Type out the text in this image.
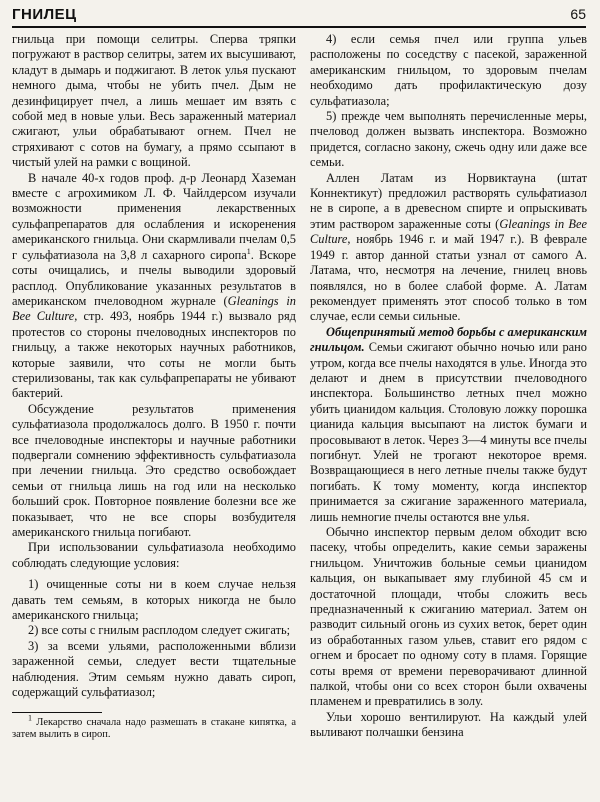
ГНИЛЕЦ	65

гнильца при помощи селитры. Сперва тряпки погружают в раствор селитры, затем их высушивают, кладут в дымарь и поджигают. В леток улья пускают немного дыма, чтобы не убить пчел. Дым не дезинфицирует пчел, а лишь мешает им взять с собой мед в новые ульи. Весь зараженный материал сжигают, ульи обрабатывают огнем. Пчел не стряхивают с сотов на бумагу, а прямо ссыпают в чистый улей на рамки с вощиной.

В начале 40-х годов проф. д-р Леонард Хаземан вместе с агрохимиком Л. Ф. Чайлдерсом изучали возможности применения лекарственных сульфапрепаратов для ослабления и искоренения американского гнильца. Они скармливали пчелам 0,5 г сульфатиазола на 3,8 л сахарного сиропа$^1$. Вскоре соты очищались, и пчелы выводили здоровый расплод. Опубликование указанных результатов в американском пчеловодном журнале (Gleanings in Bee Culture, стр. 493, ноябрь 1944 г.) вызвало ряд протестов со стороны пчеловодных инспекторов по гнильцу, а также некоторых научных работников, которые заявили, что соты не могли быть стерилизованы, так как сульфапрепараты не убивают бактерий.

Обсуждение результатов применения сульфатиазола продолжалось долго. В 1950 г. почти все пчеловодные инспекторы и научные работники подвергали сомнению эффективность сульфатиазола при лечении гнильца. Это средство освобождает семьи от гнильца лишь на год или на несколько больший срок. Повторное появление болезни все же показывает, что не все споры возбудителя американского гнильца погибают.

При использовании сульфатиазола необходимо соблюдать следующие условия:

1) очищенные соты ни в коем случае нельзя давать тем семьям, в которых никогда не было американского гнильца;

2) все соты с гнилым расплодом следует сжигать;

3) за всеми ульями, расположенными вблизи зараженной семьи, следует вести тщательные наблюдения. Этим семьям нужно давать сироп, содержащий сульфатиазол;

$^1$ Лекарство сначала надо размешать в стакане кипятка, а затем вылить в сироп.

4) если семья пчел или группа ульев расположены по соседству с пасекой, зараженной американским гнильцом, то здоровым пчелам необходимо дать профилактическую дозу сульфатиазола;

5) прежде чем выполнять перечисленные меры, пчеловод должен вызвать инспектора. Возможно придется, согласно закону, сжечь одну или даже все семьи.

Аллен Латам из Норвиктауна (штат Коннектикут) предложил растворять сульфатиазол не в сиропе, а в древесном спирте и опрыскивать этим раствором зараженные соты (Gleanings in Bee Culture, ноябрь 1946 г. и май 1947 г.). В феврале 1949 г. автор данной статьи узнал от самого А. Латама, что, несмотря на лечение, гнилец вновь появлялся, но в более слабой форме. А. Латам рекомендует применять этот способ только в том случае, если семьи сильные.

Общепринятый метод борьбы с американским гнильцом. Семьи сжигают обычно ночью или рано утром, когда все пчелы находятся в улье. Иногда это делают и днем в присутствии пчеловодного инспектора. Большинство летных пчел можно убить цианидом кальция. Столовую ложку порошка цианида кальция высыпают на листок бумаги и просовывают в леток. Через 3—4 минуты все пчелы погибнут. Улей не трогают некоторое время. Возвращающиеся в него летные пчелы также будут погибать. К тому моменту, когда инспектор принимается за сжигание зараженного материала, лишь немногие пчелы остаются вне улья.

Обычно инспектор первым делом обходит всю пасеку, чтобы определить, какие семьи заражены гнильцом. Уничтожив больные семьи цианидом кальция, он выкапывает яму глубиной 45 см и достаточной площади, чтобы сложить весь предназначенный к сжиганию материал. Затем он разводит сильный огонь из сухих веток, берет один из обработанных газом ульев, ставит его рядом с огнем и бросает по одному соту в пламя. Горящие соты время от времени переворачивают длинной палкой, чтобы они со всех сторон были охвачены пламенем и превратились в золу.

Ульи хорошо вентилируют. На каждый улей выливают полчашки бензина
